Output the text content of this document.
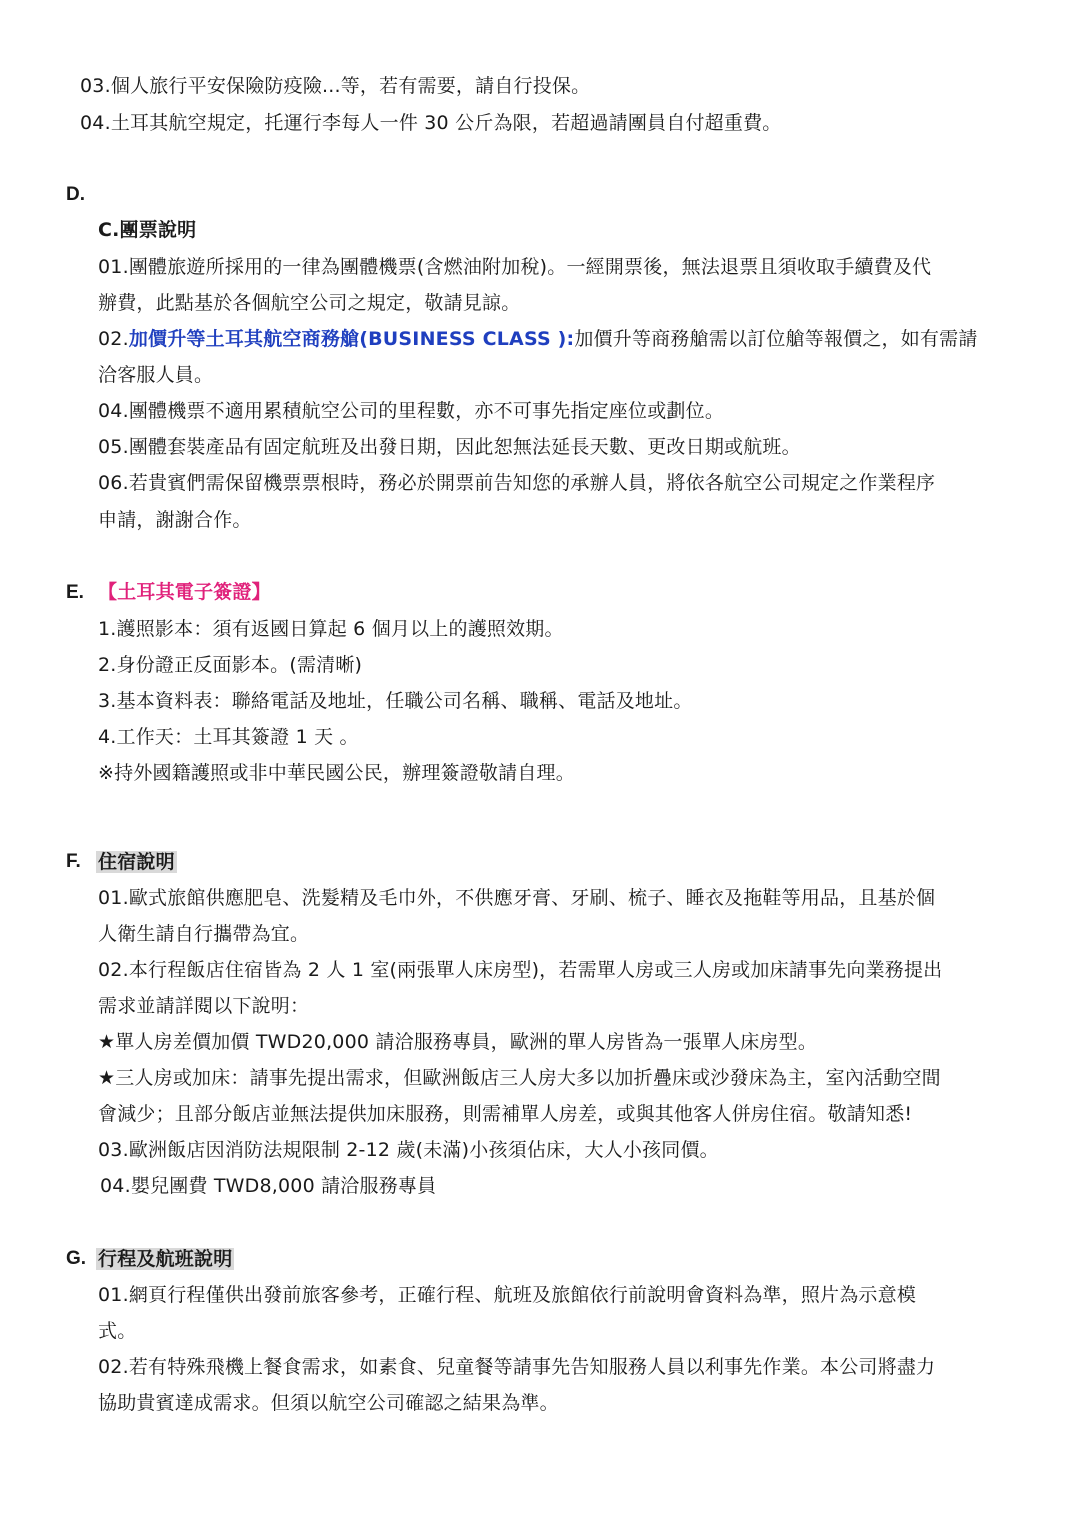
03.個人旅行平安保險防疫險...等，若有需要，請自行投保。
04.土耳其航空規定，托運行李每人一件 30 公斤為限，若超過請團員自付超重費。
D.
C.團票說明
01.團體旅遊所採用的一律為團體機票(含燃油附加稅)。一經開票後，無法退票且須收取手續費及代
辦費，此點基於各個航空公司之規定，敬請見諒。
02.加價升等土耳其航空商務艙(BUSINESS CLASS ):加價升等商務艙需以訂位艙等報價之，如有需請
洽客服人員。
04.團體機票不適用累積航空公司的里程數，亦不可事先指定座位或劃位。
05.團體套裝產品有固定航班及出發日期，因此恕無法延長天數、更改日期或航班。
06.若貴賓們需保留機票票根時，務必於開票前告知您的承辦人員，將依各航空公司規定之作業程序
申請，謝謝合作。
E. 【土耳其電子簽證】
1.護照影本：須有返國日算起 6 個月以上的護照效期。
2.身份證正反面影本。(需清晰)
3.基本資料表：聯絡電話及地址，任職公司名稱、職稱、電話及地址。
4.工作天：土耳其簽證 1 天 。
※持外國籍護照或非中華民國公民，辦理簽證敬請自理。
F. 住宿說明
01.歐式旅館供應肥皂、洗髮精及毛巾外，不供應牙膏、牙刷、梳子、睡衣及拖鞋等用品，且基於個
人衛生請自行攜帶為宜。
02.本行程飯店住宿皆為 2 人 1 室(兩張單人床房型)，若需單人房或三人房或加床請事先向業務提出
需求並請詳閱以下說明：
★單人房差價加價 TWD20,000 請洽服務專員，歐洲的單人房皆為一張單人床房型。
★三人房或加床：請事先提出需求，但歐洲飯店三人房大多以加折疊床或沙發床為主，室內活動空間
會減少；且部分飯店並無法提供加床服務，則需補單人房差，或與其他客人併房住宿。敬請知悉!
03.歐洲飯店因消防法規限制 2-12 歲(未滿)小孩須佔床，大人小孩同價。
04.嬰兒團費 TWD8,000 請洽服務專員
G. 行程及航班說明
01.網頁行程僅供出發前旅客參考，正確行程、航班及旅館依行前說明會資料為準，照片為示意模
式。
02.若有特殊飛機上餐食需求，如素食、兒童餐等請事先告知服務人員以利事先作業。本公司將盡力
協助貴賓達成需求。但須以航空公司確認之結果為準。
